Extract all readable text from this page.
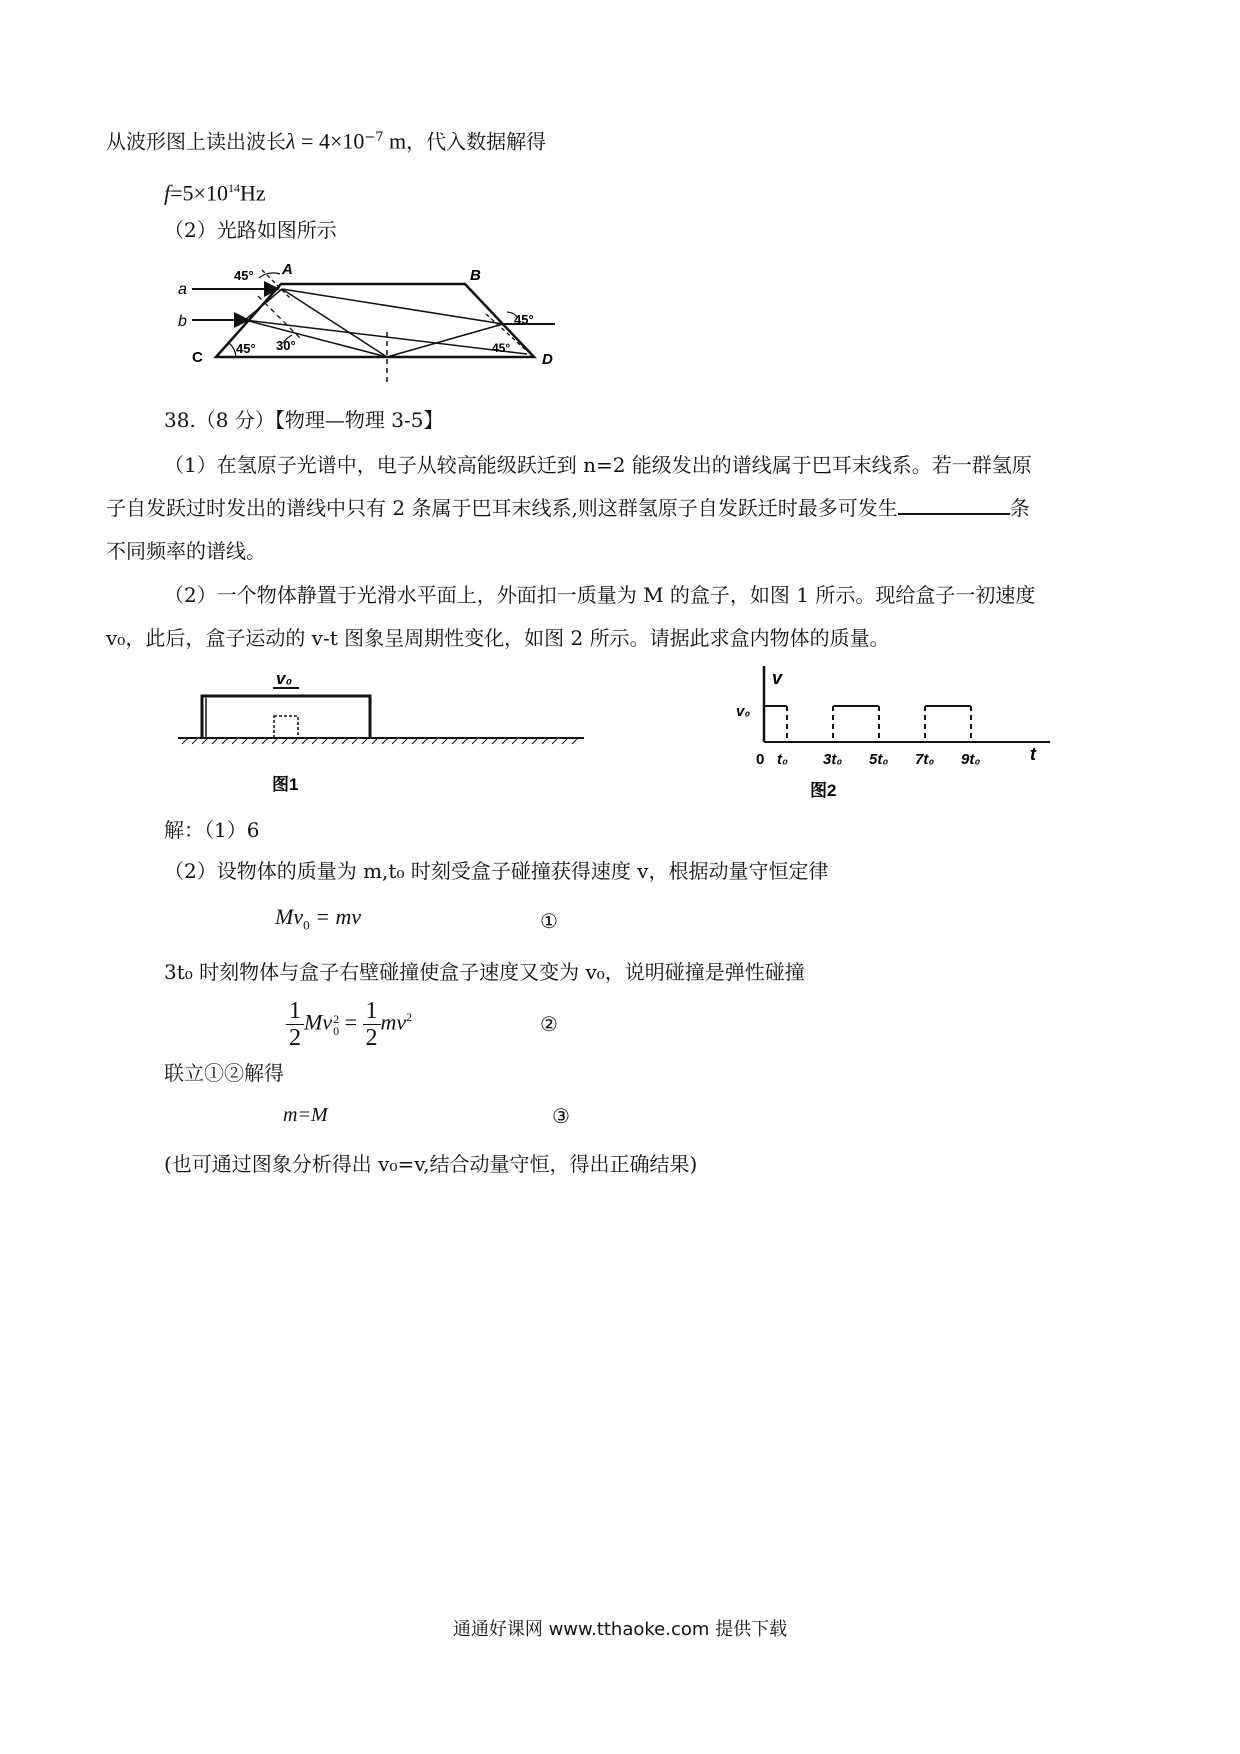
从波形图上读出波长$\lambda = 4\times 10^{-7}$ m，代入数据解得
$f=5\times 10^{14}Hz$
（2）光路如图所示
a
b
A	B
C	D
45°
45°
45° 30°	45°
38.（8 分）【物理—物理 3-5】
（1）在氢原子光谱中，电子从较高能级跃迁到 n=2 能级发出的谱线属于巴耳末线系。若一群氢原
子自发跃过时发出的谱线中只有 2 条属于巴耳末线系,则这群氢原子自发跃迁时最多可发生	条
不同频率的谱线。
（2）一个物体静置于光滑水平面上，外面扣一质量为 M 的盒子，如图 1 所示。现给盒子一初速度
v₀，此后，盒子运动的 v-t 图象呈周期性变化，如图 2 所示。请据此求盒内物体的质量。
v₀
图1
v
t
v₀
0 t₀ 3t₀ 5t₀ 7t₀ 9t₀
图2
解：（1）6
（2）设物体的质量为 m,t₀ 时刻受盒子碰撞获得速度 v，根据动量守恒定律
$Mv_0$ = mv	①
3t₀ 时刻物体与盒子右壁碰撞使盒子速度又变为 v₀，说明碰撞是弹性碰撞
$\frac{1}{2}$ Mv 2
$0 = \frac{1}{2} mv^2$	②
联立①②解得
m=M	③
(也可通过图象分析得出 v₀=v,结合动量守恒，得出正确结果)
通通好课网 www.tthaoke.com 提供下载
